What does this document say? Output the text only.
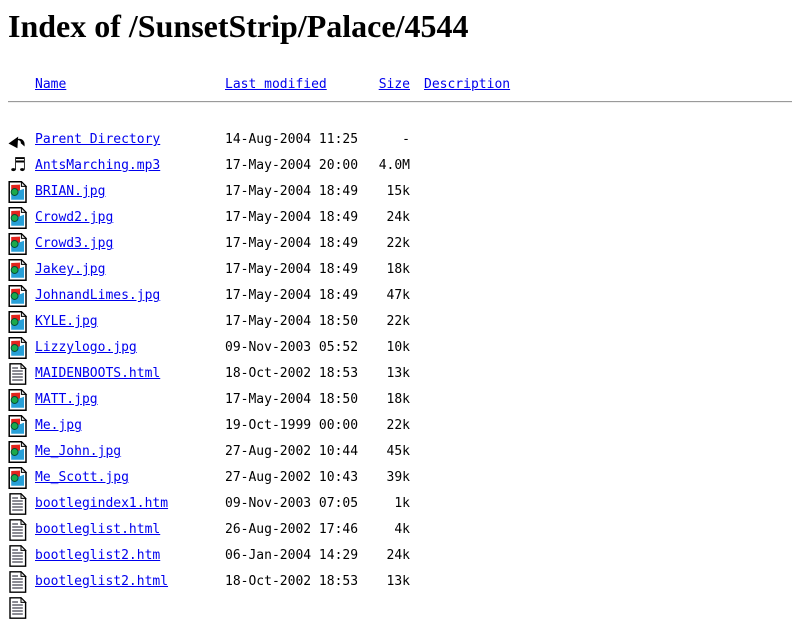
Index of /SunsetStrip/Palace/4544
Name	Last modified	Size	Description
Parent Directory	14-Aug-2004 11:25	-
♬ AntsMarching.mp3	17-May-2004 20:00	4.0M
BRIAN.jpg	17-May-2004 18:49	15k
Crowd2.jpg	17-May-2004 18:49	24k
Crowd3.jpg	17-May-2004 18:49	22k
Jakey.jpg	17-May-2004 18:49	18k
JohnandLimes.jpg	17-May-2004 18:49	47k
KYLE.jpg	17-May-2004 18:50	22k
Lizzylogo.jpg	09-Nov-2003 05:52	10k
MAIDENBOOTS.html	18-Oct-2002 18:53	13k
MATT.jpg	17-May-2004 18:50	18k
Me.jpg	19-Oct-1999 00:00	22k
Me_John.jpg	27-Aug-2002 10:44	45k
Me_Scott.jpg	27-Aug-2002 10:43	39k
bootlegindex1.htm	09-Nov-2003 07:05	1k
bootleglist.html	26-Aug-2002 17:46	4k
bootleglist2.htm	06-Jan-2004 14:29	24k
bootleglist2.html	18-Oct-2002 18:53	13k
